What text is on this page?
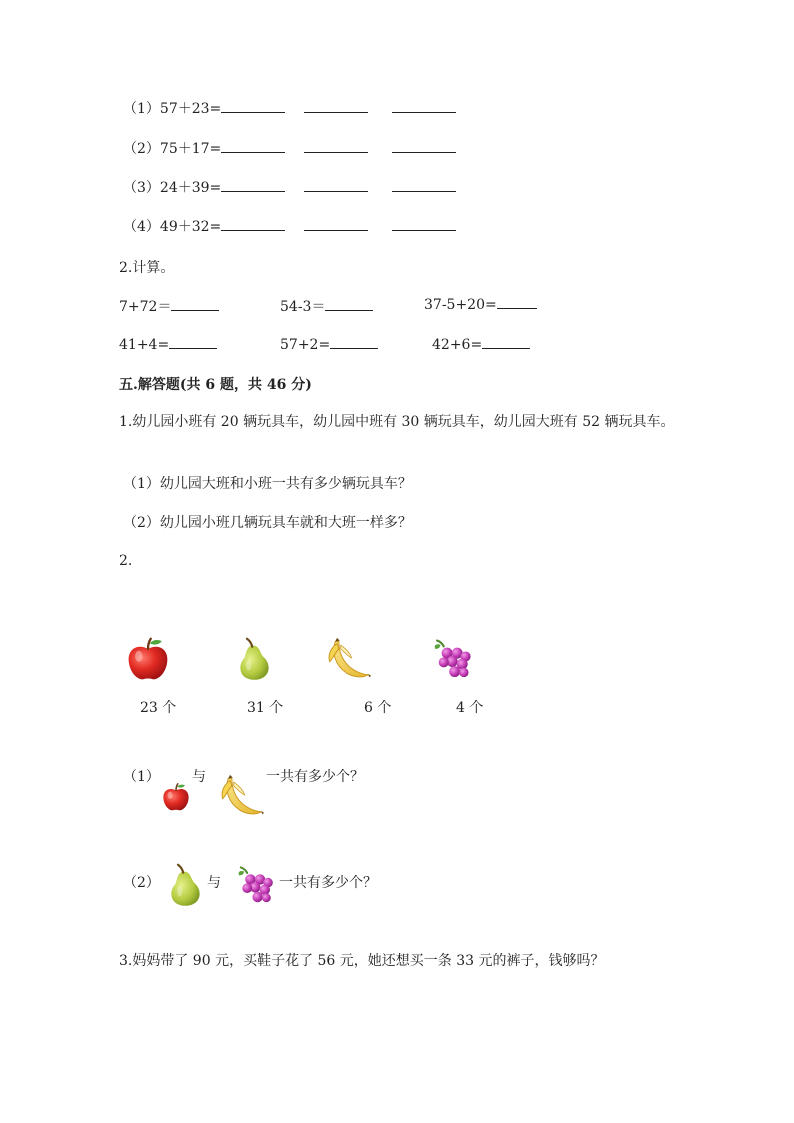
（1）57＋23=
（2）75＋17=
（3）24＋39=
（4）49＋32=
2.计算。
7+72＝	54-3＝	37-5+20=
41+4=	57+2=	42+6=
五.解答题(共 6 题，共 46 分)
1.幼儿园小班有 20 辆玩具车，幼儿园中班有 30 辆玩具车，幼儿园大班有 52 辆玩具车。
（1）幼儿园大班和小班一共有多少辆玩具车？
（2）幼儿园小班几辆玩具车就和大班一样多？
2.
23 个	31 个	6 个	4 个
（1） 与	一共有多少个？
（2）	与	一共有多少个？
3.妈妈带了 90 元，买鞋子花了 56 元，她还想买一条 33 元的裤子，钱够吗？
